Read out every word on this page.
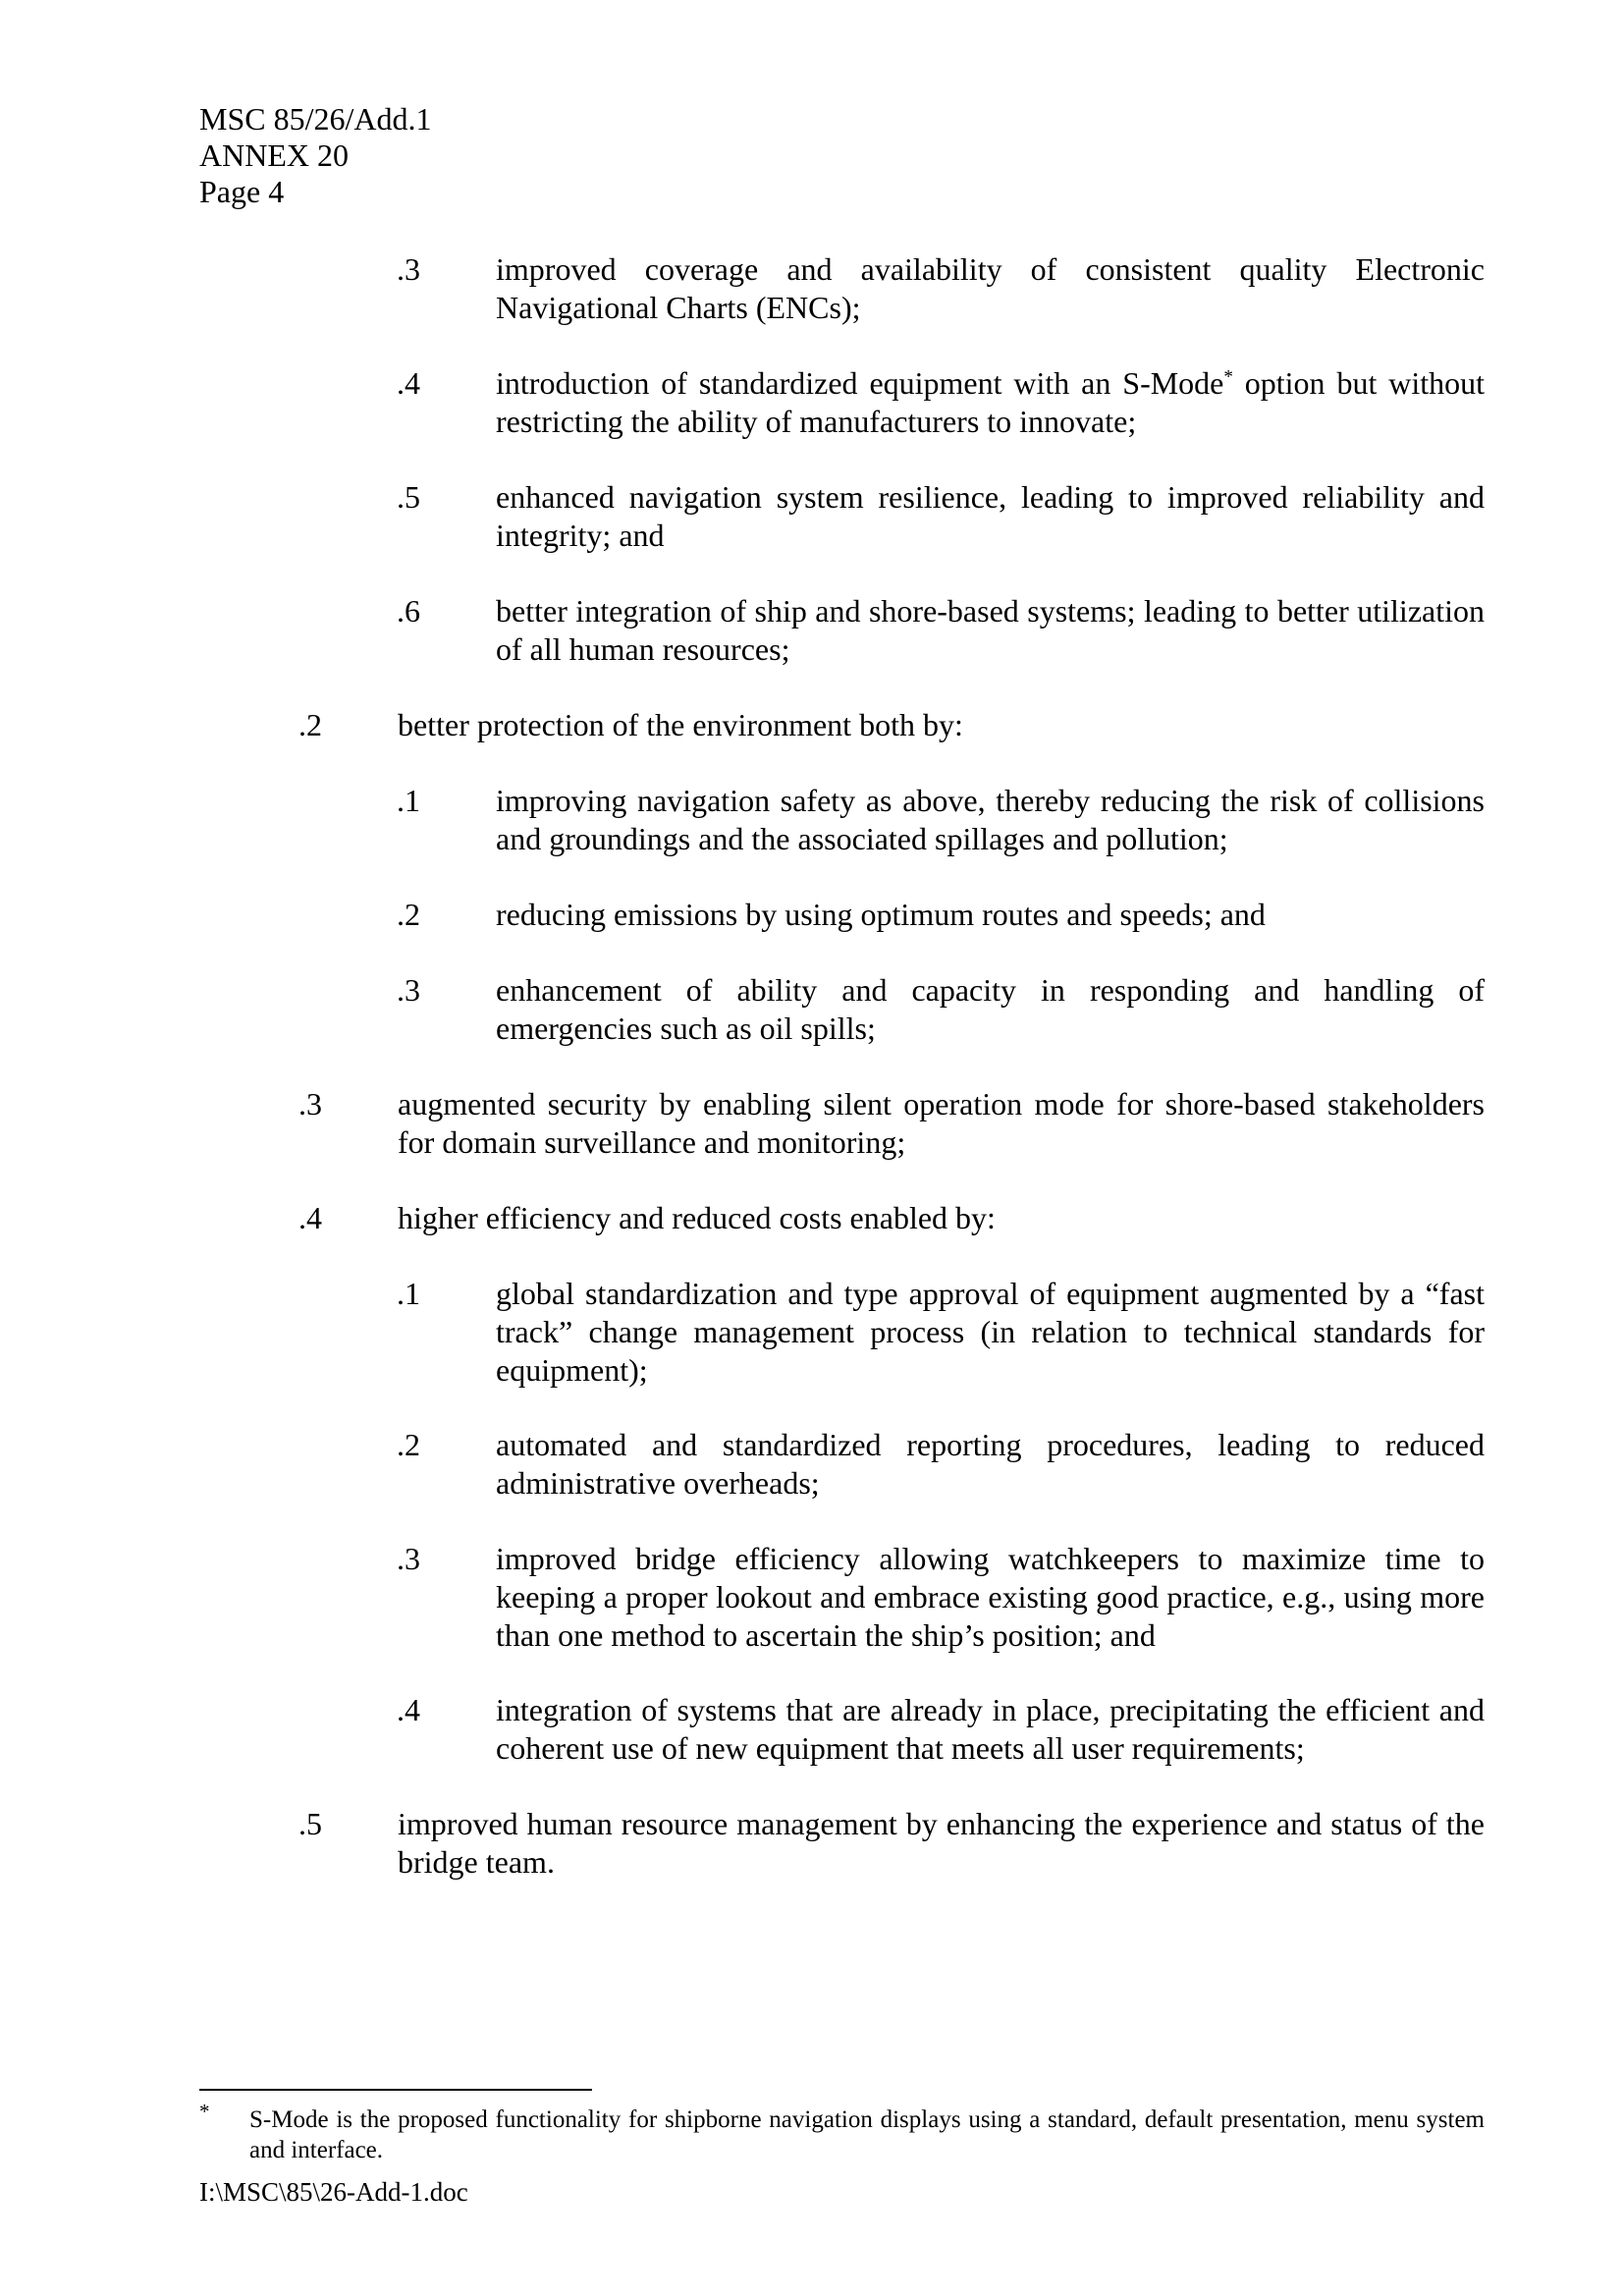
MSC 85/26/Add.1
ANNEX 20
Page 4
.3 improved coverage and availability of consistent quality Electronic Navigational Charts (ENCs);
.4 introduction of standardized equipment with an S-Mode* option but without restricting the ability of manufacturers to innovate;
.5 enhanced navigation system resilience, leading to improved reliability and integrity; and
.6 better integration of ship and shore-based systems; leading to better utilization of all human resources;
.2 better protection of the environment both by:
.1 improving navigation safety as above, thereby reducing the risk of collisions and groundings and the associated spillages and pollution;
.2 reducing emissions by using optimum routes and speeds; and
.3 enhancement of ability and capacity in responding and handling of emergencies such as oil spills;
.3 augmented security by enabling silent operation mode for shore-based stakeholders for domain surveillance and monitoring;
.4 higher efficiency and reduced costs enabled by:
.1 global standardization and type approval of equipment augmented by a “fast track” change management process (in relation to technical standards for equipment);
.2 automated and standardized reporting procedures, leading to reduced administrative overheads;
.3 improved bridge efficiency allowing watchkeepers to maximize time to keeping a proper lookout and embrace existing good practice, e.g., using more than one method to ascertain the ship’s position; and
.4 integration of systems that are already in place, precipitating the efficient and coherent use of new equipment that meets all user requirements;
.5 improved human resource management by enhancing the experience and status of the bridge team.
* S-Mode is the proposed functionality for shipborne navigation displays using a standard, default presentation, menu system and interface.
I:\MSC\85\26-Add-1.doc
